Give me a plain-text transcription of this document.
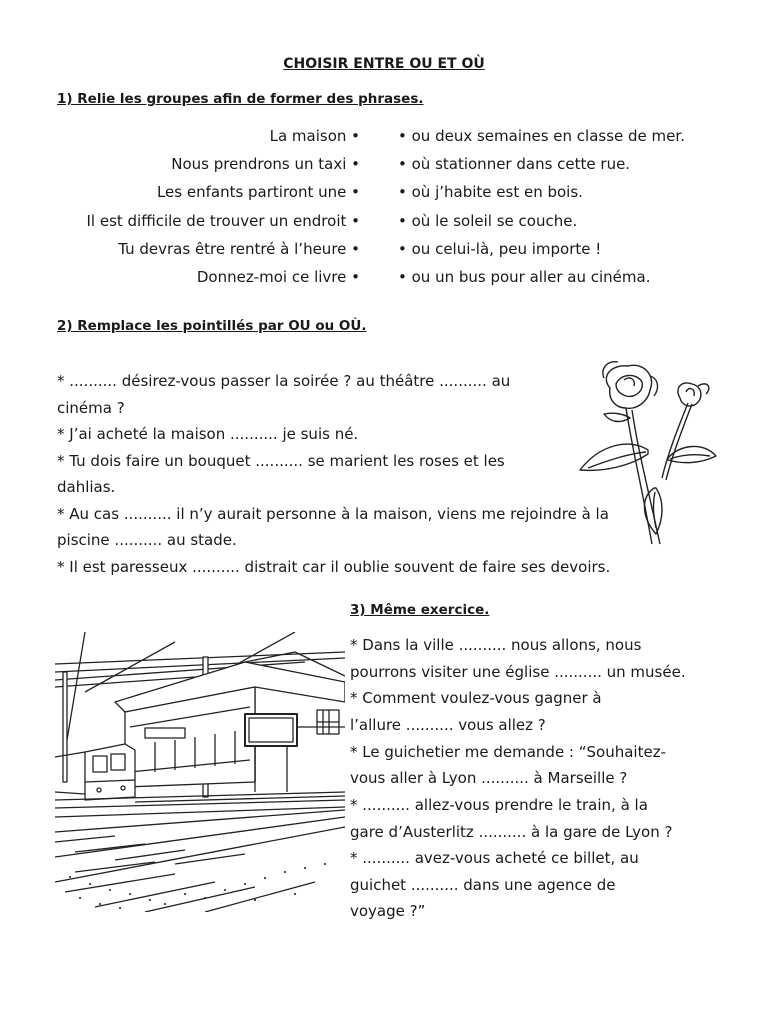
CHOISIR ENTRE OU ET OÙ
1) Relie les groupes afin de former des phrases.
La maison •
Nous prendrons un taxi •
Les enfants partiront une •
Il est difficile de trouver un endroit •
Tu devras être rentré à l’heure •
Donnez-moi ce livre •
• ou deux semaines en classe de mer.
• où stationner dans cette rue.
• où j’habite est en bois.
• où le soleil se couche.
• ou celui-là, peu importe !
• ou un bus pour aller au cinéma.
2) Remplace les pointillés par OU ou OÙ.
* .......... désirez-vous passer la soirée ? au théâtre .......... au
cinéma ?
* J’ai acheté la maison .......... je suis né.
* Tu dois faire un bouquet .......... se marient les roses et les
dahlias.
* Au cas .......... il n’y aurait personne à la maison, viens me rejoindre à la
piscine .......... au stade.
* Il est paresseux .......... distrait car il oublie souvent de faire ses devoirs.
3) Même exercice.
* Dans la ville .......... nous allons, nous
pourrons visiter une église .......... un musée.
* Comment voulez-vous gagner à
l’allure .......... vous allez ?
* Le guichetier me demande : “Souhaitez-
vous aller à Lyon .......... à Marseille ?
* .......... allez-vous prendre le train, à la
gare d’Austerlitz .......... à la gare de Lyon ?
* .......... avez-vous acheté ce billet, au
guichet .......... dans une agence de
voyage ?”
